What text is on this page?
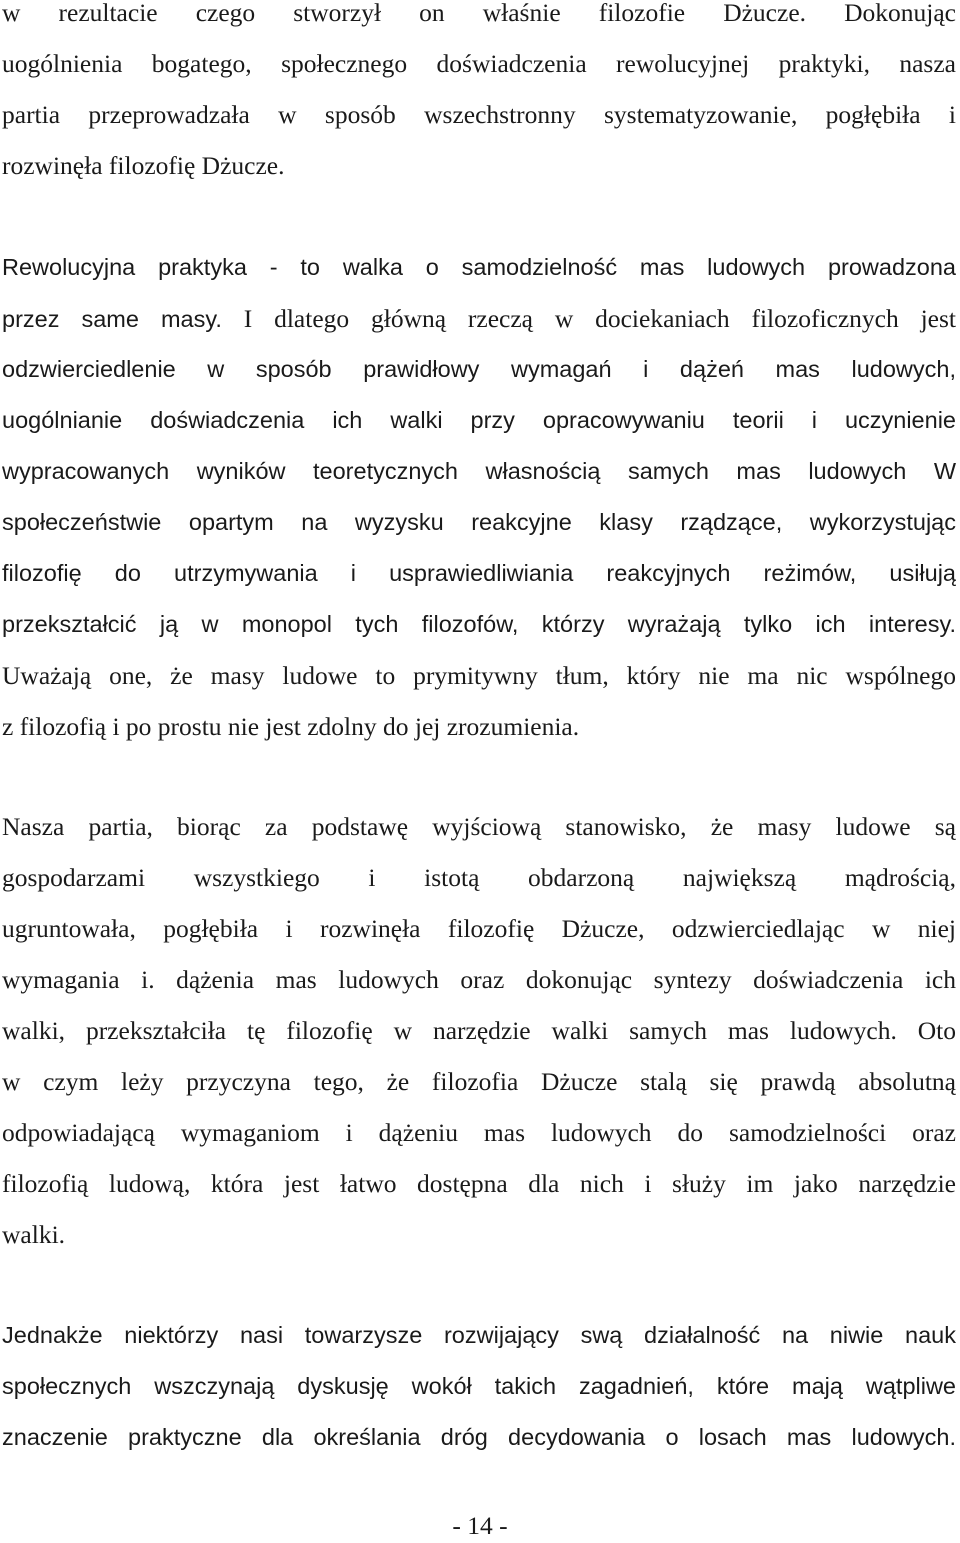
w rezultacie czego stworzył on właśnie filozofie Dżucze. Dokonując
uogólnienia bogatego, społecznego doświadczenia rewolucyjnej praktyki, nasza
partia przeprowadzała w sposób wszechstronny systematyzowanie, pogłębiła i
rozwinęła filozofię Dżucze.
Rewolucyjna praktyka - to walka o samodzielność mas ludowych prowadzona
przez same masy. I dlatego główną rzeczą w dociekaniach filozoficznych jest
odzwierciedlenie w sposób prawidłowy wymagań i dążeń mas ludowych,
uogólnianie doświadczenia ich walki przy opracowywaniu teorii i uczynienie
wypracowanych wyników teoretycznych własnością samych mas ludowych W
społeczeństwie opartym na wyzysku reakcyjne klasy rządzące, wykorzystując
filozofię do utrzymywania i usprawiedliwiania reakcyjnych reżimów, usiłują
przekształcić ją w monopol tych filozofów, którzy wyrażają tylko ich interesy.
Uważają one, że masy ludowe to prymitywny tłum, który nie ma nic wspólnego
z filozofią i po prostu nie jest zdolny do jej zrozumienia.
Nasza partia, biorąc za podstawę wyjściową stanowisko, że masy ludowe są
gospodarzami wszystkiego i istotą obdarzoną największą mądrością,
ugruntowała, pogłębiła i rozwinęła filozofię Dżucze, odzwierciedlając w niej
wymagania i. dążenia mas ludowych oraz dokonując syntezy doświadczenia ich
walki, przekształciła tę filozofię w narzędzie walki samych mas ludowych. Oto
w czym leży przyczyna tego, że filozofia Dżucze stalą się prawdą absolutną
odpowiadającą wymaganiom i dążeniu mas ludowych do samodzielności oraz
filozofią ludową, która jest łatwo dostępna dla nich i służy im jako narzędzie
walki.
Jednakże niektórzy nasi towarzysze rozwijający swą działalność na niwie nauk
społecznych wszczynają dyskusję wokół takich zagadnień, które mają wątpliwe
znaczenie praktyczne dla określania dróg decydowania o losach mas ludowych.
- 14 -
